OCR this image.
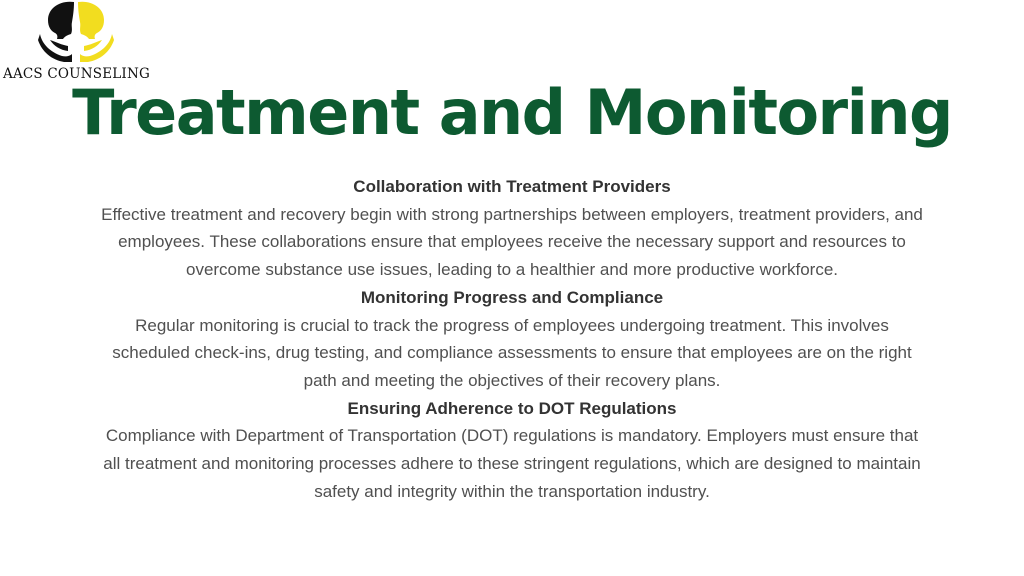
AACS COUNSELING
Treatment and Monitoring

Collaboration with Treatment Providers

Effective treatment and recovery begin with strong partnerships between employers, treatment providers, and employees. These collaborations ensure that employees receive the necessary support and resources to overcome substance use issues, leading to a healthier and more productive workforce.

Monitoring Progress and Compliance

Regular monitoring is crucial to track the progress of employees undergoing treatment. This involves scheduled check-ins, drug testing, and compliance assessments to ensure that employees are on the right path and meeting the objectives of their recovery plans.

Ensuring Adherence to DOT Regulations

Compliance with Department of Transportation (DOT) regulations is mandatory. Employers must ensure that all treatment and monitoring processes adhere to these stringent regulations, which are designed to maintain safety and integrity within the transportation industry.
